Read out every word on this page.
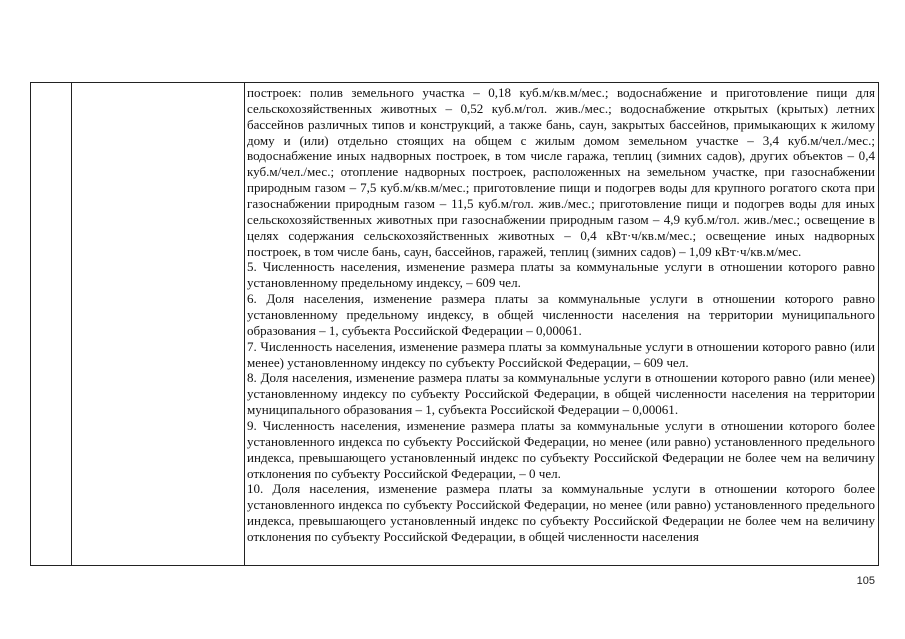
построек: полив земельного участка – 0,18 куб.м/кв.м/мес.; водоснабжение и приготовление пищи для сельскохозяйственных животных – 0,52 куб.м/гол. жив./мес.; водоснабжение открытых (крытых) летних бассейнов различных типов и конструкций, а также бань, саун, закрытых бассейнов, примыкающих к жилому дому и (или) отдельно стоящих на общем с жилым домом земельном участке – 3,4 куб.м/чел./мес.; водоснабжение иных надворных построек, в том числе гаража, теплиц (зимних садов), других объектов – 0,4 куб.м/чел./мес.; отопление надворных построек, расположенных на земельном участке, при газоснабжении природным газом – 7,5 куб.м/кв.м/мес.; приготовление пищи и подогрев воды для крупного рогатого скота при газоснабжении природным газом – 11,5 куб.м/гол. жив./мес.; приготовление пищи и подогрев воды для иных сельскохозяйственных животных при газоснабжении природным газом – 4,9 куб.м/гол. жив./мес.; освещение в целях содержания сельскохозяйственных животных – 0,4 кВт·ч/кв.м/мес.; освещение иных надворных построек, в том числе бань, саун, бассейнов, гаражей, теплиц (зимних садов) – 1,09 кВт·ч/кв.м/мес.
5. Численность населения, изменение размера платы за коммунальные услуги в отношении которого равно установленному предельному индексу, – 609 чел.
6. Доля населения, изменение размера платы за коммунальные услуги в отношении которого равно установленному предельному индексу, в общей численности населения на территории муниципального образования – 1, субъекта Российской Федерации – 0,00061.
7. Численность населения, изменение размера платы за коммунальные услуги в отношении которого равно (или менее) установленному индексу по субъекту Российской Федерации, – 609 чел.
8. Доля населения, изменение размера платы за коммунальные услуги в отношении которого равно (или менее) установленному индексу по субъекту Российской Федерации, в общей численности населения на территории муниципального образования – 1, субъекта Российской Федерации – 0,00061.
9. Численность населения, изменение размера платы за коммунальные услуги в отношении которого более установленного индекса по субъекту Российской Федерации, но менее (или равно) установленного предельного индекса, превышающего установленный индекс по субъекту Российской Федерации не более чем на величину отклонения по субъекту Российской Федерации, – 0 чел.
10. Доля населения, изменение размера платы за коммунальные услуги в отношении которого более установленного индекса по субъекту Российской Федерации, но менее (или равно) установленного предельного индекса, превышающего установленный индекс по субъекту Российской Федерации не более чем на величину отклонения по субъекту Российской Федерации, в общей численности населения
105
